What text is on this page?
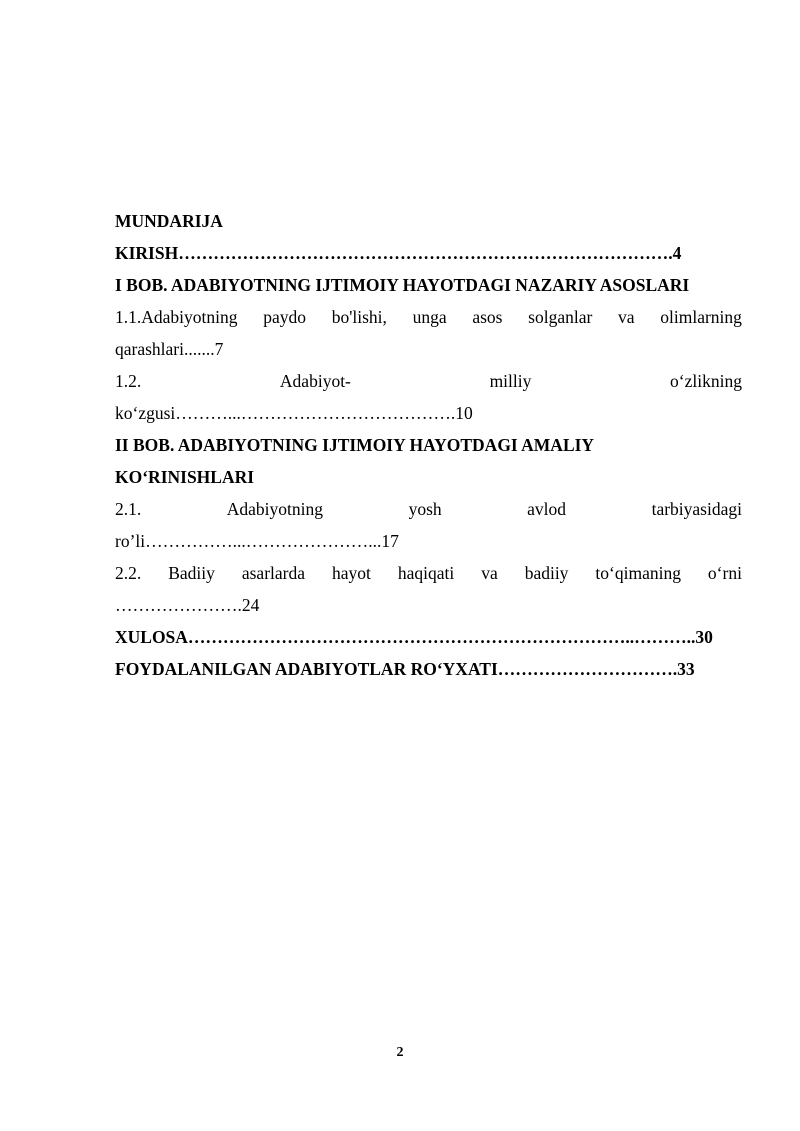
MUNDARIJA
KIRISH………………………………………………………………………….4
I BOB. ADABIYOTNING IJTIMOIY HAYOTDAGI NAZARIY ASOSLARI
1.1.Adabiyotning paydo bo'lishi, unga asos solganlar va olimlarning
qarashlari.......7
1.2.	Adabiyot-	milliy	o‘zlikning
ko‘zgusi………...……………………………….10
II BOB. ADABIYOTNING IJTIMOIY HAYOTDAGI AMALIY
KO‘RINISHLARI
2.1.	Adabiyotning	yosh	avlod	tarbiyasidagi
ro’li……………...…………………...17
2.2. Badiiy asarlarda hayot haqiqati va badiiy to‘qimaning o‘rni
………………….24
XULOSA…………………………………………………………………..………..30
FOYDALANILGAN ADABIYOTLAR RO‘YXATI………………………….33
2
